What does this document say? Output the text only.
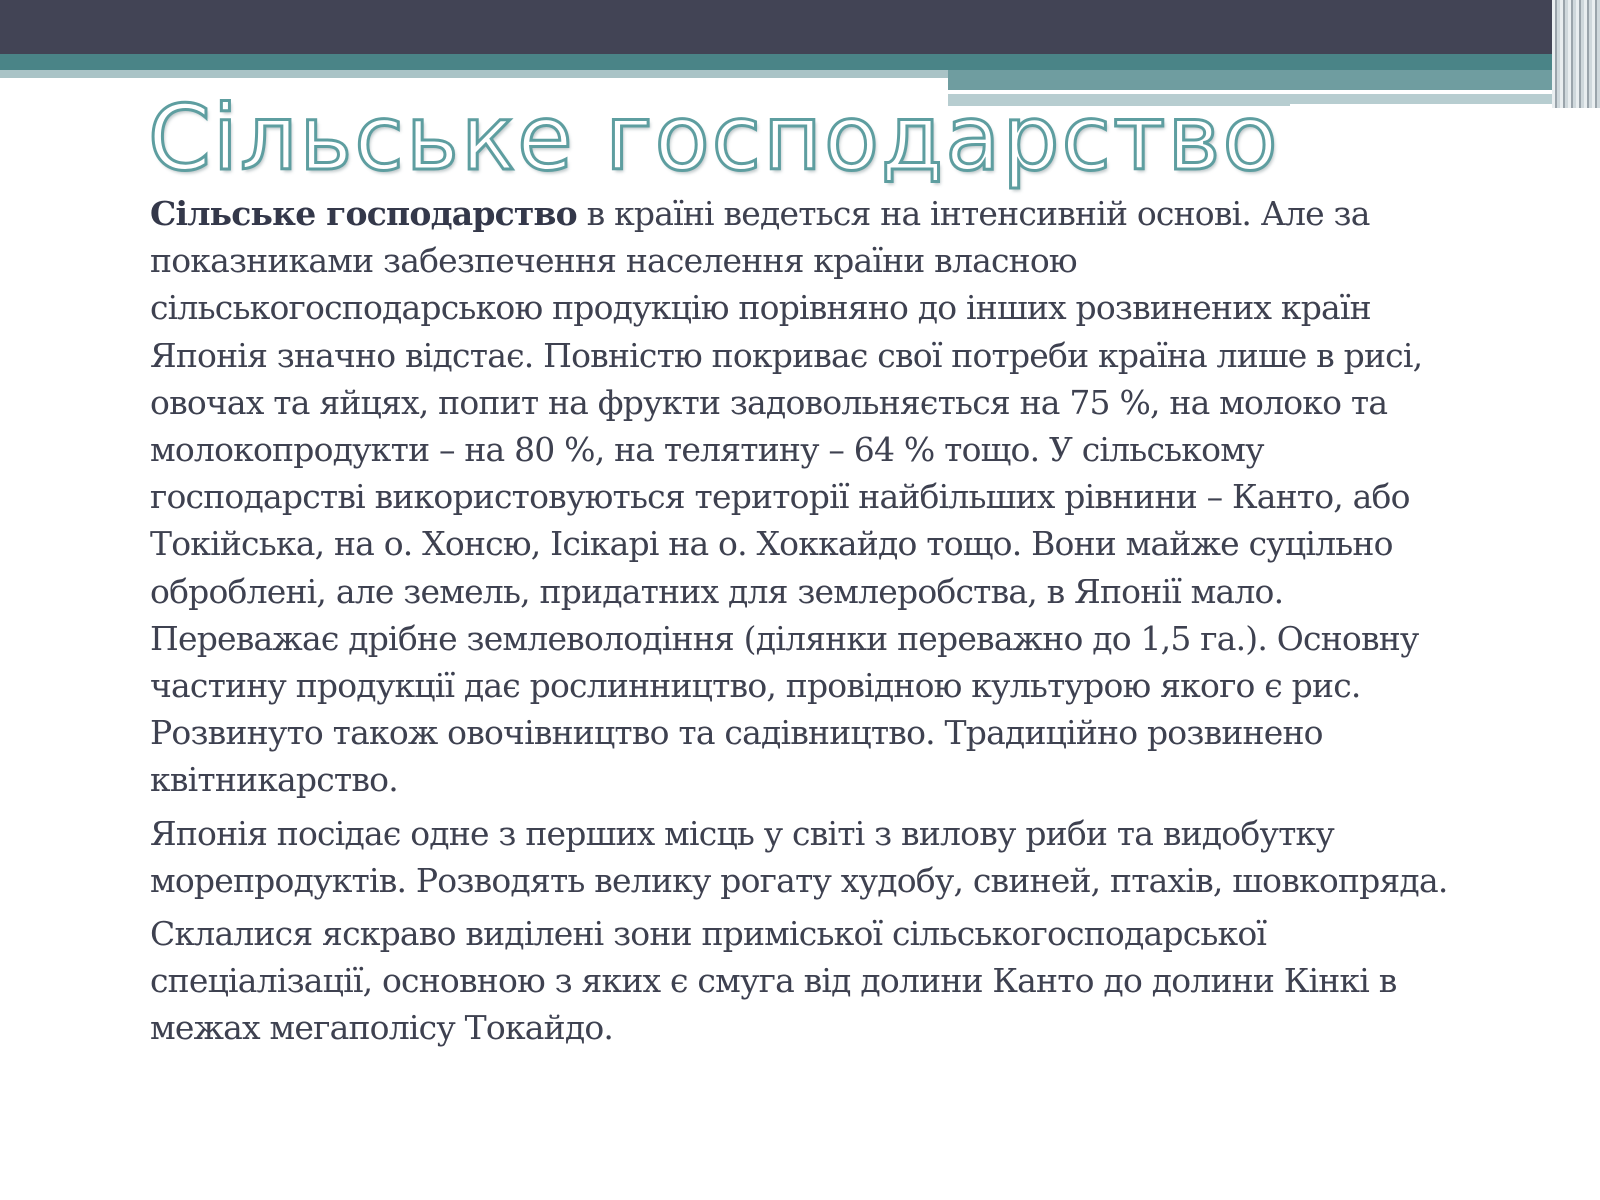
Сільське господарство

Сільське господарство в країні ведеться на інтенсивній основі. Але за показниками забезпечення населення країни власною сільськогосподарською продукцію порівняно до інших розвинених країн Японія значно відстає. Повністю покриває свої потреби країна лише в рисі, овочах та яйцях, попит на фрукти задовольняється на 75 %, на молоко та молокопродукти – на 80 %, на телятину – 64 % тощо. У сільському господарстві використовуються території найбільших рівнини – Канто, або Токійська, на о. Хонсю, Ісікарі на о. Хоккайдо тощо. Вони майже суцільно оброблені, але земель, придатних для землеробства, в Японії мало. Переважає дрібне землеволодіння (ділянки переважно до 1,5 га.). Основну частину продукції дає рослинництво, провідною культурою якого є рис. Розвинуто також овочівництво та садівництво. Традиційно розвинено квітникарство.

Японія посідає одне з перших місць у світі з вилову риби та видобутку морепродуктів. Розводять велику рогату худобу, свиней, птахів, шовкопряда.

Склалися яскраво виділені зони приміської сільськогосподарської спеціалізації, основною з яких є смуга від долини Канто до долини Кінкі в межах мегаполісу Токайдо.
